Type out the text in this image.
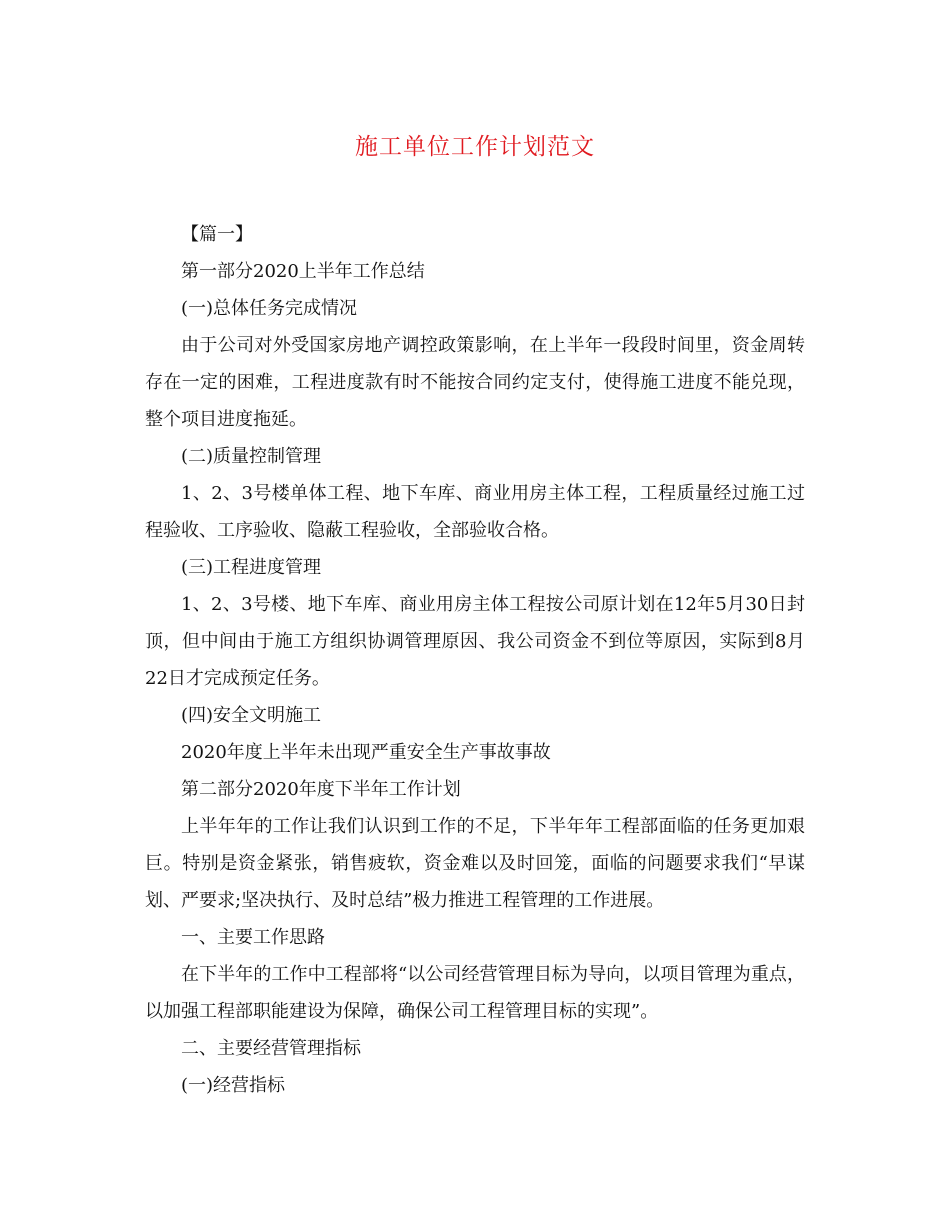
施工单位工作计划范文

【篇一】

第一部分2020上半年工作总结

(一)总体任务完成情况

由于公司对外受国家房地产调控政策影响，在上半年一段段时间里，资金周转存在一定的困难，工程进度款有时不能按合同约定支付，使得施工进度不能兑现，整个项目进度拖延。

(二)质量控制管理

1、2、3号楼单体工程、地下车库、商业用房主体工程，工程质量经过施工过程验收、工序验收、隐蔽工程验收，全部验收合格。

(三)工程进度管理

1、2、3号楼、地下车库、商业用房主体工程按公司原计划在12年5月30日封顶，但中间由于施工方组织协调管理原因、我公司资金不到位等原因，实际到8月22日才完成预定任务。

(四)安全文明施工

2020年度上半年未出现严重安全生产事故事故

第二部分2020年度下半年工作计划

上半年年的工作让我们认识到工作的不足，下半年年工程部面临的任务更加艰巨。特别是资金紧张，销售疲软，资金难以及时回笼，面临的问题要求我们“早谋划、严要求;坚决执行、及时总结”极力推进工程管理的工作进展。

一、主要工作思路

在下半年的工作中工程部将“以公司经营管理目标为导向，以项目管理为重点，以加强工程部职能建设为保障，确保公司工程管理目标的实现”。

二、主要经营管理指标

(一)经营指标
